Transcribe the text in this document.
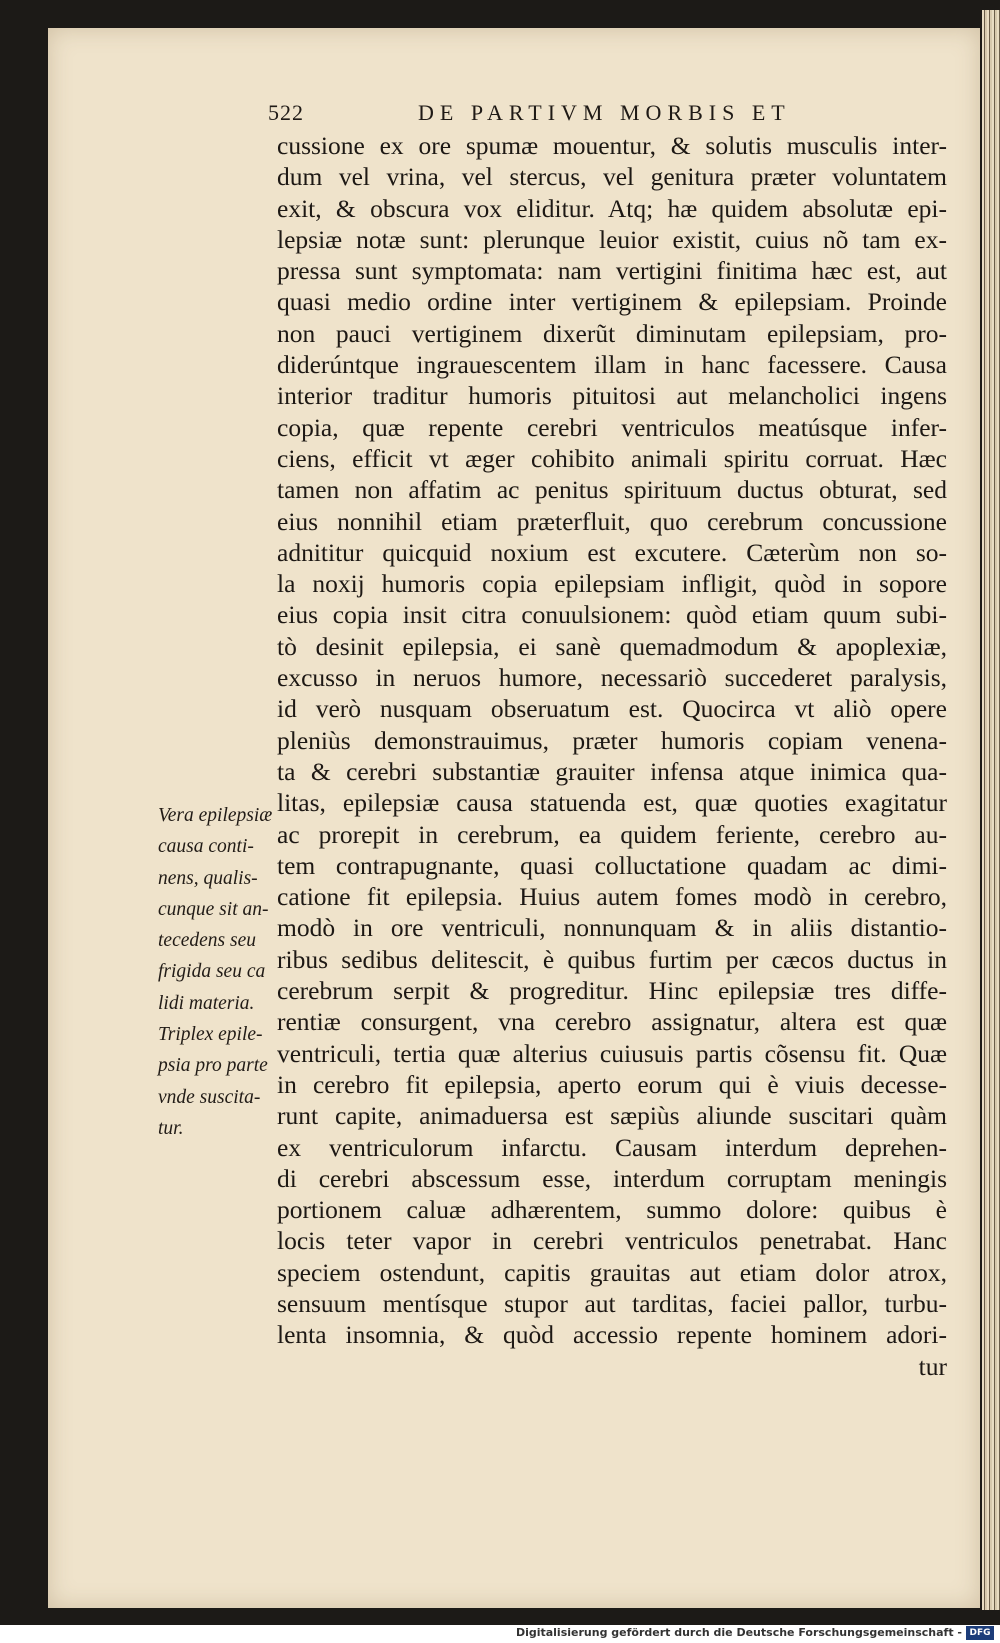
522	DE PARTIVM MORBIS ET
cussione ex ore spumæ mouentur, & solutis musculis inter-
dum vel vrina, vel stercus, vel genitura præter voluntatem
exit, & obscura vox eliditur. Atq; hæ quidem absolutæ epi-
lepsiæ notæ sunt: plerunque leuior existit, cuius nõ tam ex-
pressa sunt symptomata: nam vertigini finitima hæc est, aut
quasi medio ordine inter vertiginem & epilepsiam. Proinde
non pauci vertiginem dixerũt diminutam epilepsiam, pro-
diderúntque ingrauescentem illam in hanc facessere. Causa
interior traditur humoris pituitosi aut melancholici ingens
copia, quæ repente cerebri ventriculos meatúsque infer-
ciens, efficit vt æger cohibito animali spiritu corruat. Hæc
tamen non affatim ac penitus spirituum ductus obturat, sed
eius nonnihil etiam præterfluit, quo cerebrum concussione
adnititur quicquid noxium est excutere. Cæterùm non so-
la noxij humoris copia epilepsiam infligit, quòd in sopore
eius copia insit citra conuulsionem: quòd etiam quum subi-
tò desinit epilepsia, ei sanè quemadmodum & apoplexiæ,
excusso in neruos humore, necessariò succederet paralysis,
id verò nusquam obseruatum est. Quocirca vt aliò opere
pleniùs demonstrauimus, præter humoris copiam venena-
ta & cerebri substantiæ grauiter infensa atque inimica qua-
litas, epilepsiæ causa statuenda est, quæ quoties exagitatur
ac prorepit in cerebrum, ea quidem feriente, cerebro au-
tem contrapugnante, quasi colluctatione quadam ac dimi-
catione fit epilepsia. Huius autem fomes modò in cerebro,
modò in ore ventriculi, nonnunquam & in aliis distantio-
ribus sedibus delitescit, è quibus furtim per cæcos ductus in
cerebrum serpit & progreditur. Hinc epilepsiæ tres diffe-
rentiæ consurgent, vna cerebro assignatur, altera est quæ
ventriculi, tertia quæ alterius cuiusuis partis cõsensu fit. Quæ
in cerebro fit epilepsia, aperto eorum qui è viuis decesse-
runt capite, animaduersa est sæpiùs aliunde suscitari quàm
ex ventriculorum infarctu. Causam interdum deprehen-
di cerebri abscessum esse, interdum corruptam meningis
portionem caluæ adhærentem, summo dolore: quibus è
locis teter vapor in cerebri ventriculos penetrabat. Hanc
speciem ostendunt, capitis grauitas aut etiam dolor atrox,
sensuum mentísque stupor aut tarditas, faciei pallor, turbu-
lenta insomnia, & quòd accessio repente hominem adori-
tur
Vera epilepsiæ
causa conti-
nens, qualis-
cunque sit an-
tecedens seu
frigida seu ca
lidi materia.
Triplex epile-
psia pro parte
vnde suscita-
tur.
Digitalisierung gefördert durch die Deutsche Forschungsgemeinschaft - DFG
